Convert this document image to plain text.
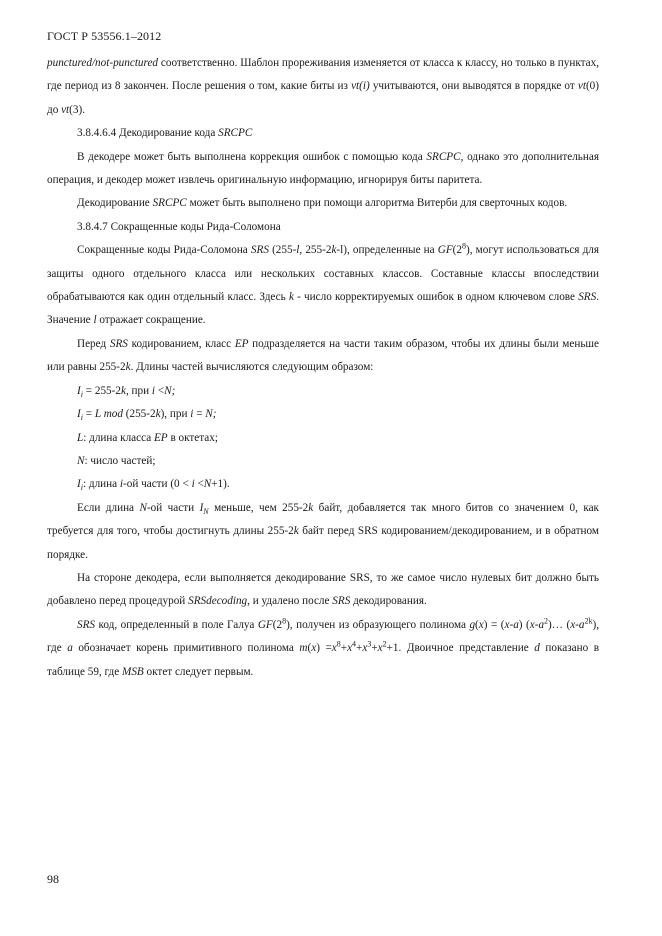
ГОСТ Р 53556.1–2012

punctured/not-punctured соответственно. Шаблон прореживания изменяется от класса к классу, но только в пунктах, где период из 8 закончен. После решения о том, какие биты из vt(i) учитываются, они выводятся в порядке от vt(0) до vt(3).

3.8.4.6.4 Декодирование кода SRCPC

В декодере может быть выполнена коррекция ошибок с помощью кода SRCPC, однако это дополнительная операция, и декодер может извлечь оригинальную информацию, игнорируя биты паритета.

Декодирование SRCPC может быть выполнено при помощи алгоритма Витерби для сверточных кодов.

3.8.4.7 Сокращенные коды Рида-Соломона

Сокращенные коды Рида-Соломона SRS (255-l, 255-2k-l), определенные на $GF(2^8)$, могут использоваться для защиты одного отдельного класса или нескольких составных классов. Составные классы впоследствии обрабатываются как один отдельный класс. Здесь k - число корректируемых ошибок в одном ключевом слове SRS. Значение l отражает сокращение.

Перед SRS кодированием, класс EP подразделяется на части таким образом, чтобы их длины были меньше или равны 255-2k. Длины частей вычисляются следующим образом:

$I_i = 255-2k$, при i <N;

$I_i = L$ mod (255-2k), при i = N;

L: длина класса EP в октетах;

N: число частей;

$I_i$: длина i-ой части (0 < i <N+1).

Если длина N-ой части $I_N$ меньше, чем 255-2k байт, добавляется так много битов со значением 0, как требуется для того, чтобы достигнуть длины 255-2k байт перед SRS кодированием/декодированием, и в обратном порядке.

На стороне декодера, если выполняется декодирование SRS, то же самое число нулевых бит должно быть добавлено перед процедурой SRSdecoding, и удалено после SRS декодирования.

SRS код, определенный в поле Галуа $GF(2^8)$, получен из образующего полинома g(x) = (x-a) $(x-a^2)\dots$ $(x-a^{2k})$, где a обозначает корень примитивного полинома $m(x) =x^8+x^4+x^3+x^2+1$. Двоичное представление d показано в таблице 59, где MSB октет следует первым.

98
